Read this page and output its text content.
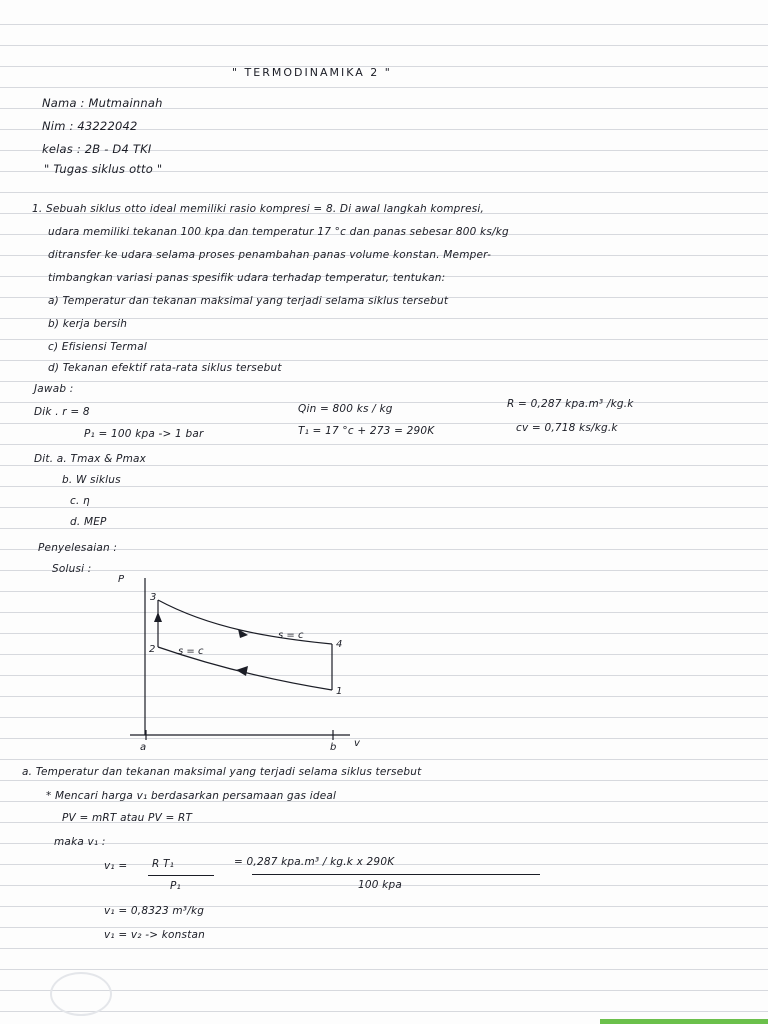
" TERMODINAMIKA 2 "
Nama : Mutmainnah
Nim : 43222042
kelas : 2B - D4 TKI
" Tugas siklus otto "
1. Sebuah siklus otto ideal memiliki rasio kompresi = 8. Di awal langkah kompresi,
udara memiliki tekanan 100 kpa dan temperatur 17 °c dan panas sebesar 800 ks/kg
ditransfer ke udara selama proses penambahan panas volume konstan. Memper-
timbangkan variasi panas spesifik udara terhadap temperatur, tentukan:
a) Temperatur dan tekanan maksimal yang terjadi selama siklus tersebut
b) kerja bersih
c) Efisiensi Termal
d) Tekanan efektif rata-rata siklus tersebut
Jawab :
Dik . r = 8
P₁ = 100 kpa -> 1 bar
Qin = 800 ks / kg
T₁ = 17 °c + 273 = 290K
R = 0,287 kpa.m³ /kg.k
cv = 0,718 ks/kg.k
Dit. a. Tmax & Pmax
b. W siklus
c. η
d. MEP
Penyelesaian :
Solusi :
P
v
a	b
3
2	4
1
s = c
s = c
a. Temperatur dan tekanan maksimal yang terjadi selama siklus tersebut
* Mencari harga v₁ berdasarkan persamaan gas ideal
PV = mRT atau PV = RT
maka v₁ :
v₁ = R T₁
P₁
= 0,287 kpa.m³ / kg.k x 290K
100 kpa
v₁ = 0,8323 m³/kg
v₁ = v₂ -> konstan
